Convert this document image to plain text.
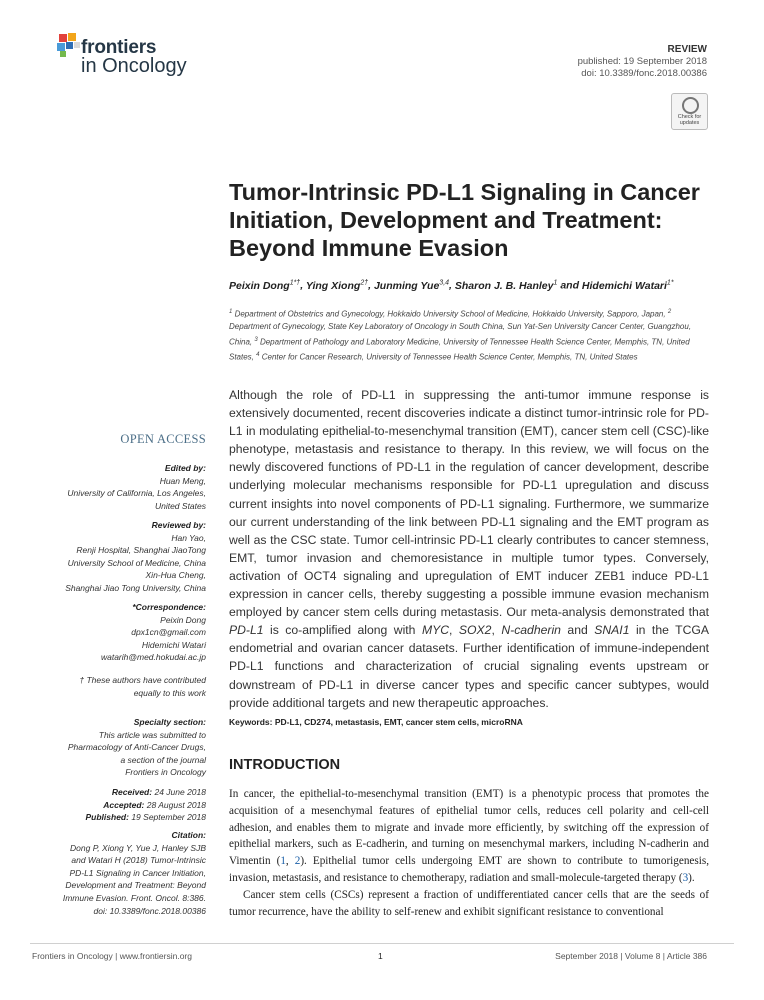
frontiers
in Oncology
REVIEW
published: 19 September 2018
doi: 10.3389/fonc.2018.00386
Check for updates
Tumor-Intrinsic PD-L1 Signaling in Cancer Initiation, Development and Treatment: Beyond Immune Evasion
Peixin Dong$^{1*\dagger}$, Ying Xiong$^{2\dagger}$, Junming Yue$^{3,4}$, Sharon J. B. Hanley$^1$ and Hidemichi Watari$^{1*}$
$^1$ Department of Obstetrics and Gynecology, Hokkaido University School of Medicine, Hokkaido University, Sapporo, Japan, $^2$ Department of Gynecology, State Key Laboratory of Oncology in South China, Sun Yat-Sen University Cancer Center, Guangzhou, China, $^3$ Department of Pathology and Laboratory Medicine, University of Tennessee Health Science Center, Memphis, TN, United States, $^4$ Center for Cancer Research, University of Tennessee Health Science Center, Memphis, TN, United States
Although the role of PD-L1 in suppressing the anti-tumor immune response is extensively documented, recent discoveries indicate a distinct tumor-intrinsic role for PD-L1 in modulating epithelial-to-mesenchymal transition (EMT), cancer stem cell (CSC)-like phenotype, metastasis and resistance to therapy. In this review, we will focus on the newly discovered functions of PD-L1 in the regulation of cancer development, describe underlying molecular mechanisms responsible for PD-L1 upregulation and discuss current insights into novel components of PD-L1 signaling. Furthermore, we summarize our current understanding of the link between PD-L1 signaling and the EMT program as well as the CSC state. Tumor cell-intrinsic PD-L1 clearly contributes to cancer stemness, EMT, tumor invasion and chemoresistance in multiple tumor types. Conversely, activation of OCT4 signaling and upregulation of EMT inducer ZEB1 induce PD-L1 expression in cancer cells, thereby suggesting a possible immune evasion mechanism employed by cancer stem cells during metastasis. Our meta-analysis demonstrated that PD-L1 is co-amplified along with MYC, SOX2, N-cadherin and SNAI1 in the TCGA endometrial and ovarian cancer datasets. Further identification of immune-independent PD-L1 functions and characterization of crucial signaling events upstream or downstream of PD-L1 in diverse cancer types and specific cancer subtypes, would provide additional targets and new therapeutic approaches.
Keywords: PD-L1, CD274, metastasis, EMT, cancer stem cells, microRNA
INTRODUCTION
In cancer, the epithelial-to-mesenchymal transition (EMT) is a phenotypic process that promotes the acquisition of a mesenchymal features of epithelial tumor cells, reduces cell polarity and cell-cell adhesion, and enables them to migrate and invade more efficiently, by switching off the expression of epithelial markers, such as E-cadherin, and turning on mesenchymal markers, including N-cadherin and Vimentin (1, 2). Epithelial tumor cells undergoing EMT are shown to contribute to tumorigenesis, invasion, metastasis, and resistance to chemotherapy, radiation and small-molecule-targeted therapy (3).
Cancer stem cells (CSCs) represent a fraction of undifferentiated cancer cells that are the seeds of tumor recurrence, have the ability to self-renew and exhibit significant resistance to conventional
OPEN ACCESS
Edited by:
Huan Meng,
University of California, Los Angeles,
United States
Reviewed by:
Han Yao,
Renji Hospital, Shanghai JiaoTong
University School of Medicine, China
Xin-Hua Cheng,
Shanghai Jiao Tong University, China
*Correspondence:
Peixin Dong
dpx1cn@gmail.com
Hidemichi Watari
watarih@med.hokudai.ac.jp
† These authors have contributed
equally to this work
Specialty section:
This article was submitted to
Pharmacology of Anti-Cancer Drugs,
a section of the journal
Frontiers in Oncology
Received: 24 June 2018
Accepted: 28 August 2018
Published: 19 September 2018
Citation:
Dong P, Xiong Y, Yue J, Hanley SJB
and Watari H (2018) Tumor-Intrinsic
PD-L1 Signaling in Cancer Initiation,
Development and Treatment: Beyond
Immune Evasion. Front. Oncol. 8:386.
doi: 10.3389/fonc.2018.00386
Frontiers in Oncology | www.frontiersin.org	1	September 2018 | Volume 8 | Article 386
